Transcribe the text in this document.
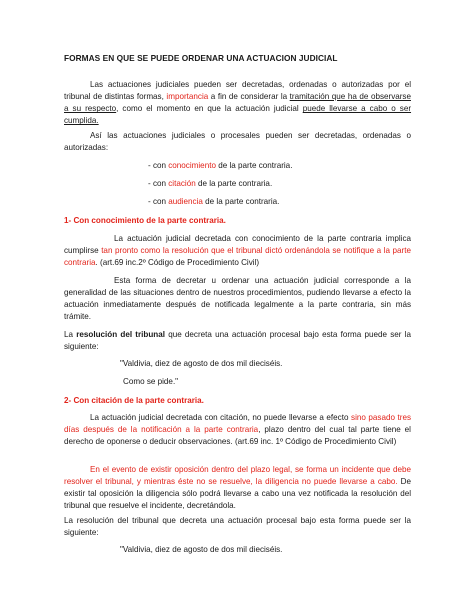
FORMAS EN QUE SE PUEDE ORDENAR UNA ACTUACION JUDICIAL

Las actuaciones judiciales pueden ser decretadas, ordenadas o autorizadas por el tribunal de distintas formas, importancia a fin de considerar la tramitación que ha de observarse a su respecto, como el momento en que la actuación judicial puede llevarse a cabo o ser cumplida.

Así las actuaciones judiciales o procesales pueden ser decretadas, ordenadas o autorizadas:

- con conocimiento de la parte contraria.
- con citación de la parte contraria.
- con audiencia de la parte contraria.
1- Con conocimiento de la parte contraria.

La actuación judicial decretada con conocimiento de la parte contraria implica cumplirse tan pronto como la resolución que el tribunal dictó ordenándola se notifique a la parte contraria. (art.69 inc.2º Código de Procedimiento Civil)

Esta forma de decretar u ordenar una actuación judicial corresponde a la generalidad de las situaciones dentro de nuestros procedimientos, pudiendo llevarse a efecto la actuación inmediatamente después de notificada legalmente a la parte contraria, sin más trámite.

La resolución del tribunal que decreta una actuación procesal bajo esta forma puede ser la siguiente:

"Valdivia, diez de agosto de dos mil dieciséis.
Como se pide."
2- Con citación de la parte contraria.

La actuación judicial decretada con citación, no puede llevarse a efecto sino pasado tres días después de la notificación a la parte contraria, plazo dentro del cual tal parte tiene el derecho de oponerse o deducir observaciones. (art.69 inc. 1º Código de Procedimiento Civil)

En el evento de existir oposición dentro del plazo legal, se forma un incidente que debe resolver el tribunal, y mientras éste no se resuelve, la diligencia no puede llevarse a cabo. De existir tal oposición la diligencia sólo podrá llevarse a cabo una vez notificada la resolución del tribunal que resuelve el incidente, decretándola.

La resolución del tribunal que decreta una actuación procesal bajo esta forma puede ser la siguiente:

"Valdivia, diez de agosto de dos mil dieciséis.
